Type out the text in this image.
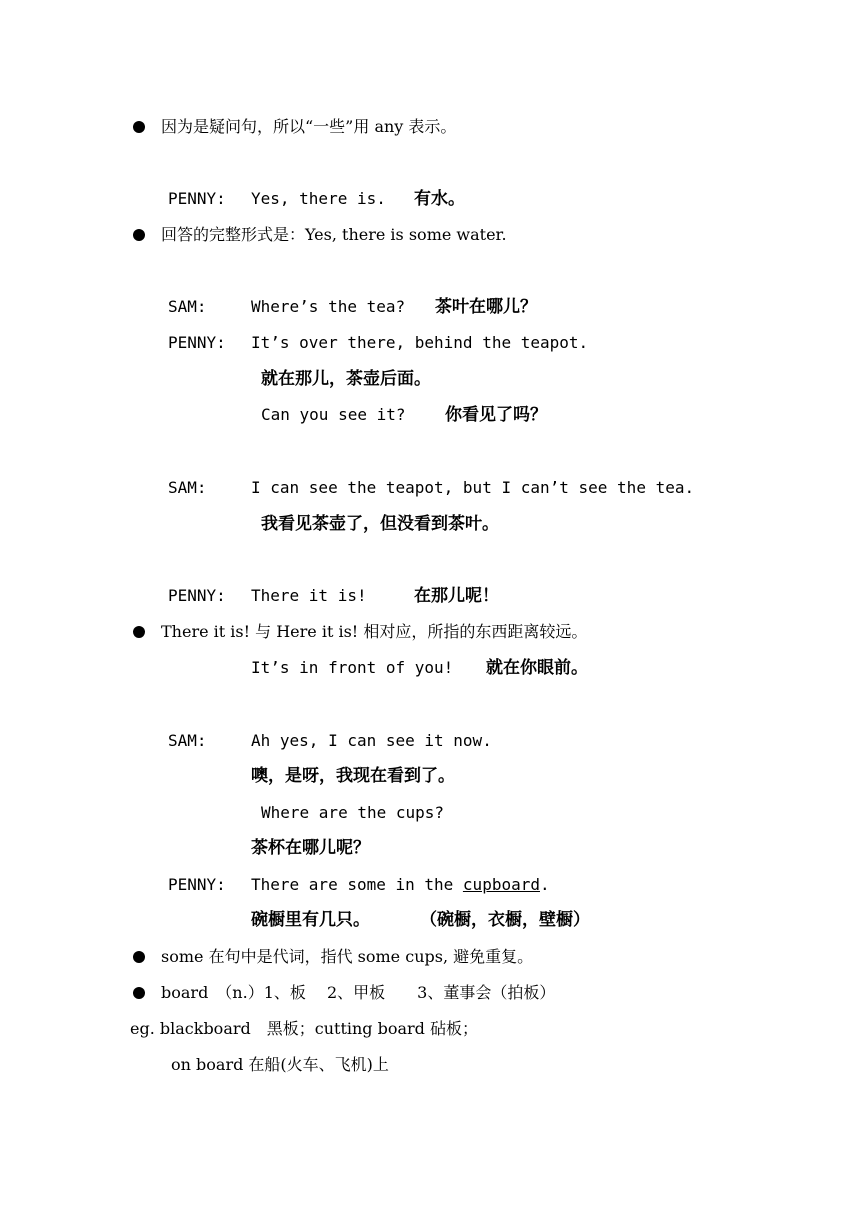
因为是疑问句，所以“一些”用 any 表示。
PENNY: Yes, there is. 有水。
回答的完整形式是：Yes, there is some water.
SAM:	Where’s the tea? 茶叶在哪儿？
PENNY: It’s over there, behind the teapot.
就在那儿，茶壶后面。
Can you see it? 你看见了吗？
SAM:	I can see the teapot, but I can’t see the tea.
我看见茶壶了，但没看到茶叶。
PENNY: There it is!	在那儿呢！
There it is! 与 Here it is! 相对应，所指的东西距离较远。
It’s in front of you! 就在你眼前。
SAM:	Ah yes, I can see it now.
噢，是呀，我现在看到了。
Where are the cups?
茶杯在哪儿呢？
PENNY: There are some in the cupboard.
碗橱里有几只。	（碗橱，衣橱，壁橱）
some 在句中是代词，指代 some cups, 避免重复。
board　（n.）1、板　 2、甲板　　3、董事会（拍板）
eg. blackboard　黑板；cutting board 砧板；
on board 在船(火车、飞机)上
